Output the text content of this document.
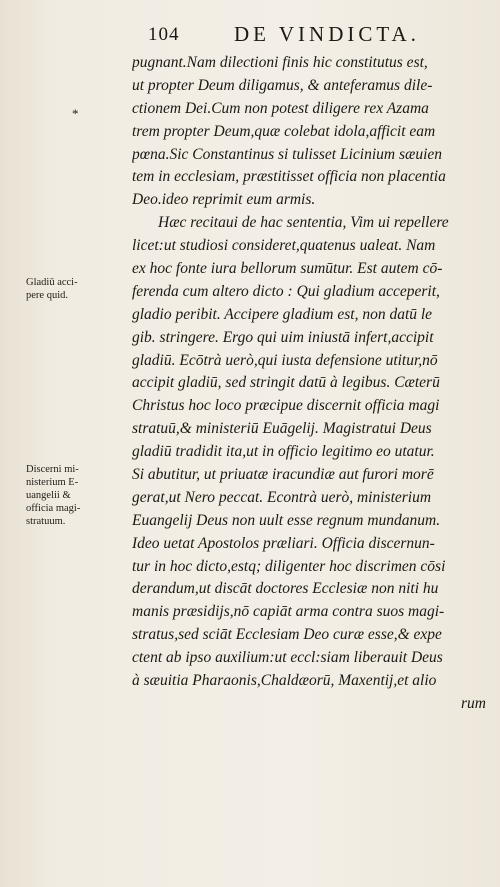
104	DE VINDICTA.
*
Gladiū acci-
pere quid.
Discerni mi-
nisterium E-
uangelii &
officia magi-
stratuum.
pugnant.Nam dilectioni finis hic constitutus est,
ut propter Deum diligamus, & anteferamus dile-
ctionem Dei.Cum non potest diligere rex Azama
trem propter Deum,quæ colebat idola,afficit eam
pœna.Sic Constantinus si tulisset Licinium sæuien
tem in ecclesiam, præstitisset officia non placentia
Deo.ideo reprimit eum armis.
Hæc recitaui de hac sententia, Vim ui repellere
licet:ut studiosi consideret,quatenus ualeat. Nam
ex hoc fonte iura bellorum sumūtur. Est autem cō-
ferenda cum altero dicto : Qui gladium acceperit,
gladio peribit. Accipere gladium est, non datū le
gib. stringere. Ergo qui uim iniustā infert,accipit
gladiū. Ecōtrà uerò,qui iusta defensione utitur,nō
accipit gladiū, sed stringit datū à legibus. Cæterū
Christus hoc loco præcipue discernit officia magi
stratuū,& ministeriū Euāgelij. Magistratui Deus
gladiū tradidit ita,ut in officio legitimo eo utatur.
Si abutitur, ut priuatæ iracundiæ aut furori morē
gerat,ut Nero peccat. Econtrà uerò, ministerium
Euangelij Deus non uult esse regnum mundanum.
Ideo uetat Apostolos præliari. Officia discernun-
tur in hoc dicto,estq; diligenter hoc discrimen cōsi
derandum,ut discāt doctores Ecclesiæ non niti hu
manis præsidijs,nō capiāt arma contra suos magi-
stratus,sed sciāt Ecclesiam Deo curæ esse,& expe
ctent ab ipso auxilium:ut eccl:siam liberauit Deus
à sæuitia Pharaonis,Chaldæorū, Maxentij,et alio
rum
